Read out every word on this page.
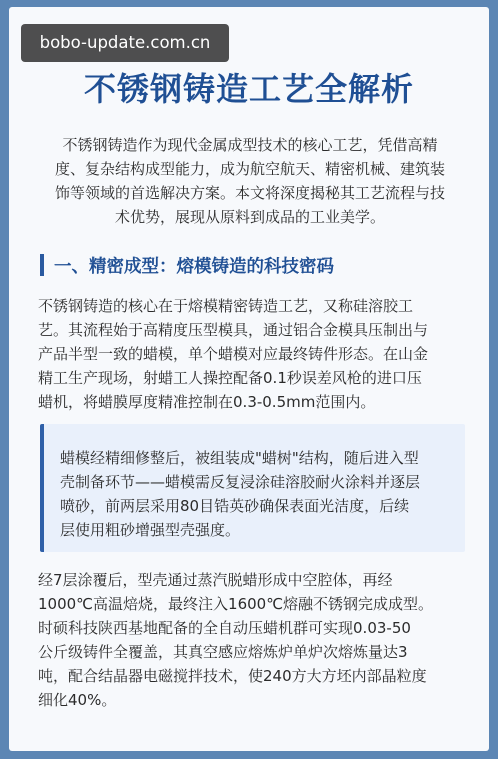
bobo-update.com.cn
不锈钢铸造工艺全解析
不锈钢铸造作为现代金属成型技术的核心工艺，凭借高精
度、复杂结构成型能力，成为航空航天、精密机械、建筑装
饰等领域的首选解决方案。本文将深度揭秘其工艺流程与技
术优势，展现从原料到成品的工业美学。
一、精密成型：熔模铸造的科技密码
不锈钢铸造的核心在于熔模精密铸造工艺，又称硅溶胶工
艺。其流程始于高精度压型模具，通过铝合金模具压制出与
产品半型一致的蜡模，单个蜡模对应最终铸件形态。在山金
精工生产现场，射蜡工人操控配备0.1秒误差风枪的进口压
蜡机，将蜡膜厚度精准控制在0.3-0.5mm范围内。
蜡模经精细修整后，被组装成"蜡树"结构，随后进入型
壳制备环节——蜡模需反复浸涂硅溶胶耐火涂料并逐层
喷砂，前两层采用80目锆英砂确保表面光洁度，后续
层使用粗砂增强型壳强度。
经7层涂覆后，型壳通过蒸汽脱蜡形成中空腔体，再经
1000℃高温焙烧，最终注入1600℃熔融不锈钢完成成型。
时硕科技陕西基地配备的全自动压蜡机群可实现0.03-50
公斤级铸件全覆盖，其真空感应熔炼炉单炉次熔炼量达3
吨，配合结晶器电磁搅拌技术，使240方大方坯内部晶粒度
细化40%。
